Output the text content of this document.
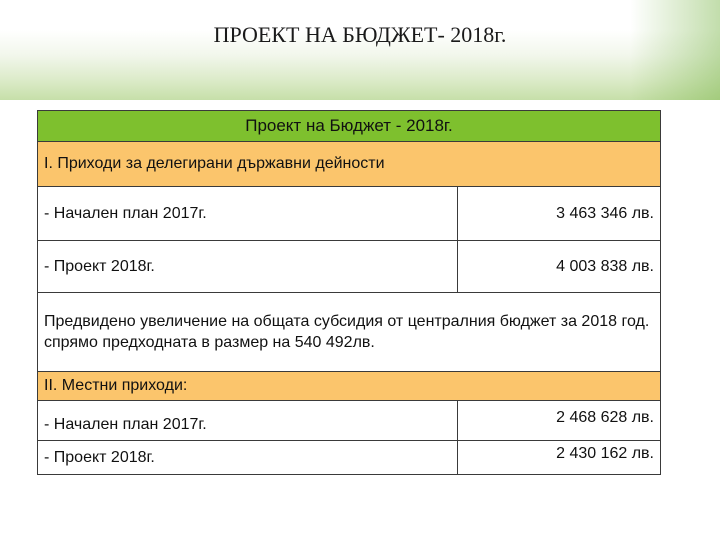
ПРОЕКТ НА БЮДЖЕТ- 2018г.
Проект на Бюджет - 2018г.	
I. Приходи за делегирани държавни дейности	
- Начален план 2017г.	3 463 346 лв.
- Проект 2018г.	4 003 838 лв.
Предвидено увеличение на общата субсидия от централния бюджет за 2018 год. спрямо предходната в размер на 540 492лв.	
II. Местни приходи:	
- Начален план 2017г.	2 468 628 лв.
- Проект 2018г.	2 430 162 лв.
